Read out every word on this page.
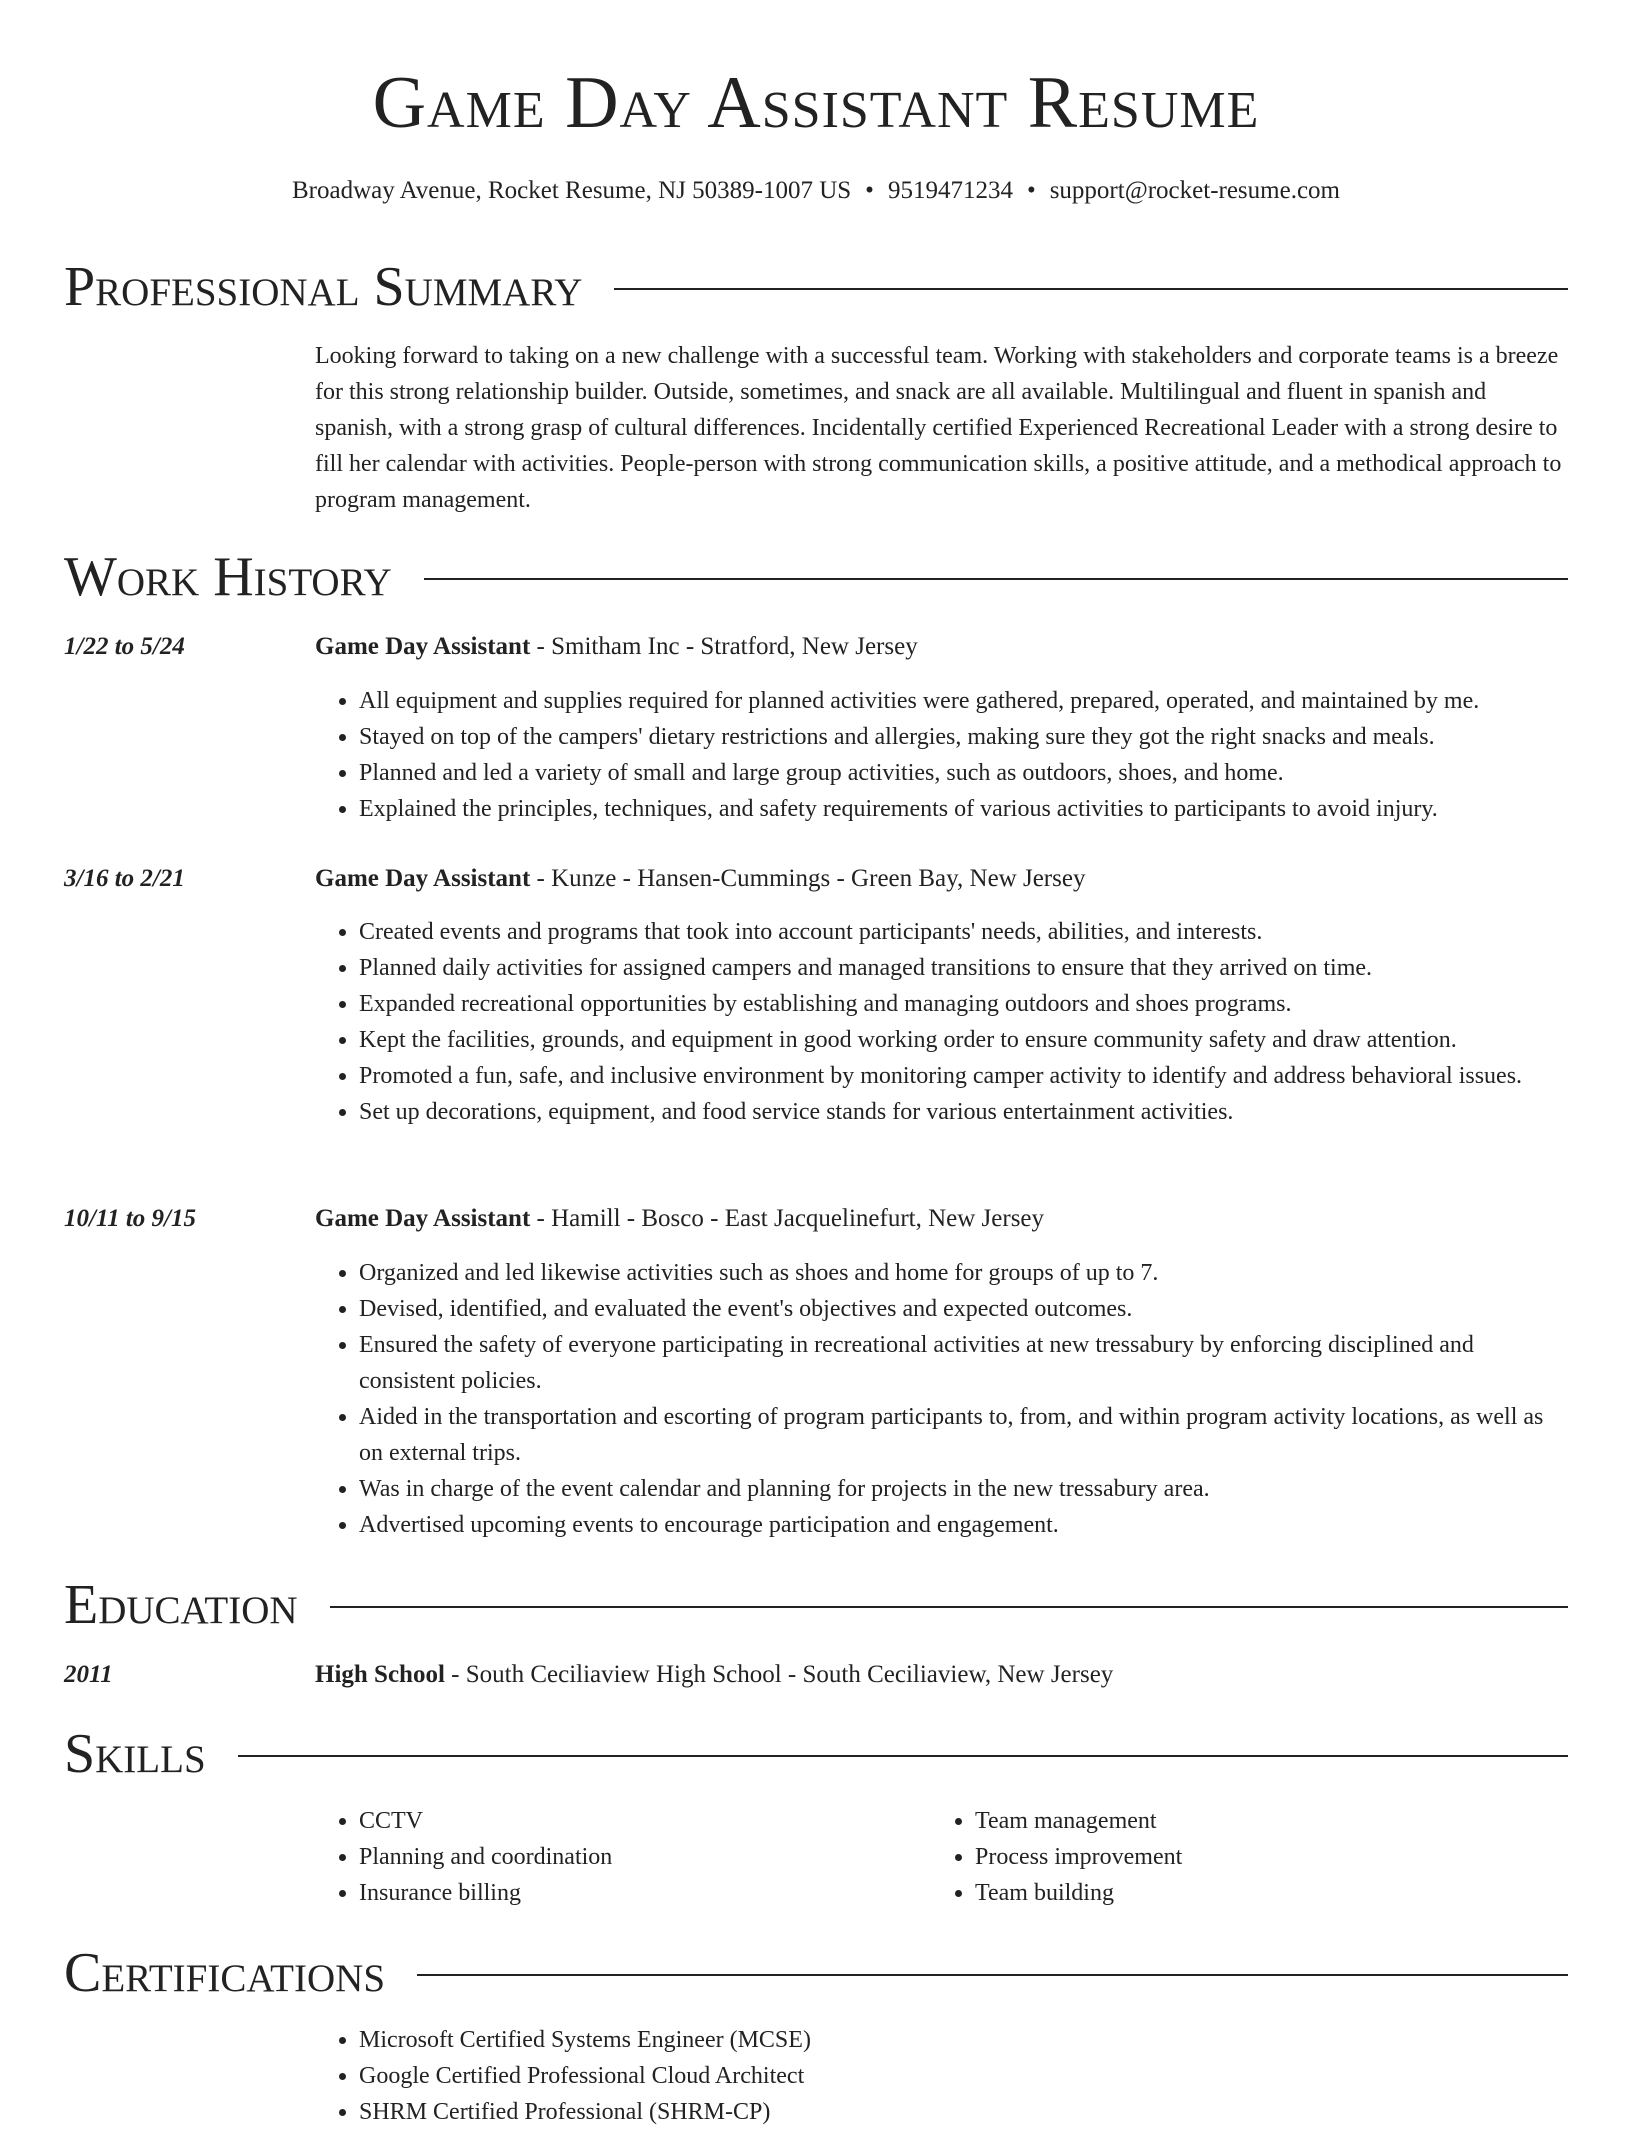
Game Day Assistant Resume
Broadway Avenue, Rocket Resume, NJ 50389-1007 US • 9519471234 • support@rocket-resume.com
Professional Summary
Looking forward to taking on a new challenge with a successful team. Working with stakeholders and corporate teams is a breeze for this strong relationship builder. Outside, sometimes, and snack are all available. Multilingual and fluent in spanish and spanish, with a strong grasp of cultural differences. Incidentally certified Experienced Recreational Leader with a strong desire to fill her calendar with activities. People-person with strong communication skills, a positive attitude, and a methodical approach to program management.
Work History
1/22 to 5/24	Game Day Assistant - Smitham Inc - Stratford, New Jersey
• All equipment and supplies required for planned activities were gathered, prepared, operated, and maintained by me.
• Stayed on top of the campers' dietary restrictions and allergies, making sure they got the right snacks and meals.
• Planned and led a variety of small and large group activities, such as outdoors, shoes, and home.
• Explained the principles, techniques, and safety requirements of various activities to participants to avoid injury.
3/16 to 2/21	Game Day Assistant - Kunze - Hansen-Cummings - Green Bay, New Jersey
• Created events and programs that took into account participants' needs, abilities, and interests.
• Planned daily activities for assigned campers and managed transitions to ensure that they arrived on time.
• Expanded recreational opportunities by establishing and managing outdoors and shoes programs.
• Kept the facilities, grounds, and equipment in good working order to ensure community safety and draw attention.
• Promoted a fun, safe, and inclusive environment by monitoring camper activity to identify and address behavioral issues.
• Set up decorations, equipment, and food service stands for various entertainment activities.
10/11 to 9/15	Game Day Assistant - Hamill - Bosco - East Jacquelinefurt, New Jersey
• Organized and led likewise activities such as shoes and home for groups of up to 7.
• Devised, identified, and evaluated the event's objectives and expected outcomes.
• Ensured the safety of everyone participating in recreational activities at new tressabury by enforcing disciplined and consistent policies.
• Aided in the transportation and escorting of program participants to, from, and within program activity locations, as well as on external trips.
• Was in charge of the event calendar and planning for projects in the new tressabury area.
• Advertised upcoming events to encourage participation and engagement.
Education
2011	High School - South Ceciliaview High School - South Ceciliaview, New Jersey
Skills
• CCTV
• Planning and coordination
• Insurance billing
• Team management
• Process improvement
• Team building
Certifications
• Microsoft Certified Systems Engineer (MCSE)
• Google Certified Professional Cloud Architect
• SHRM Certified Professional (SHRM-CP)
